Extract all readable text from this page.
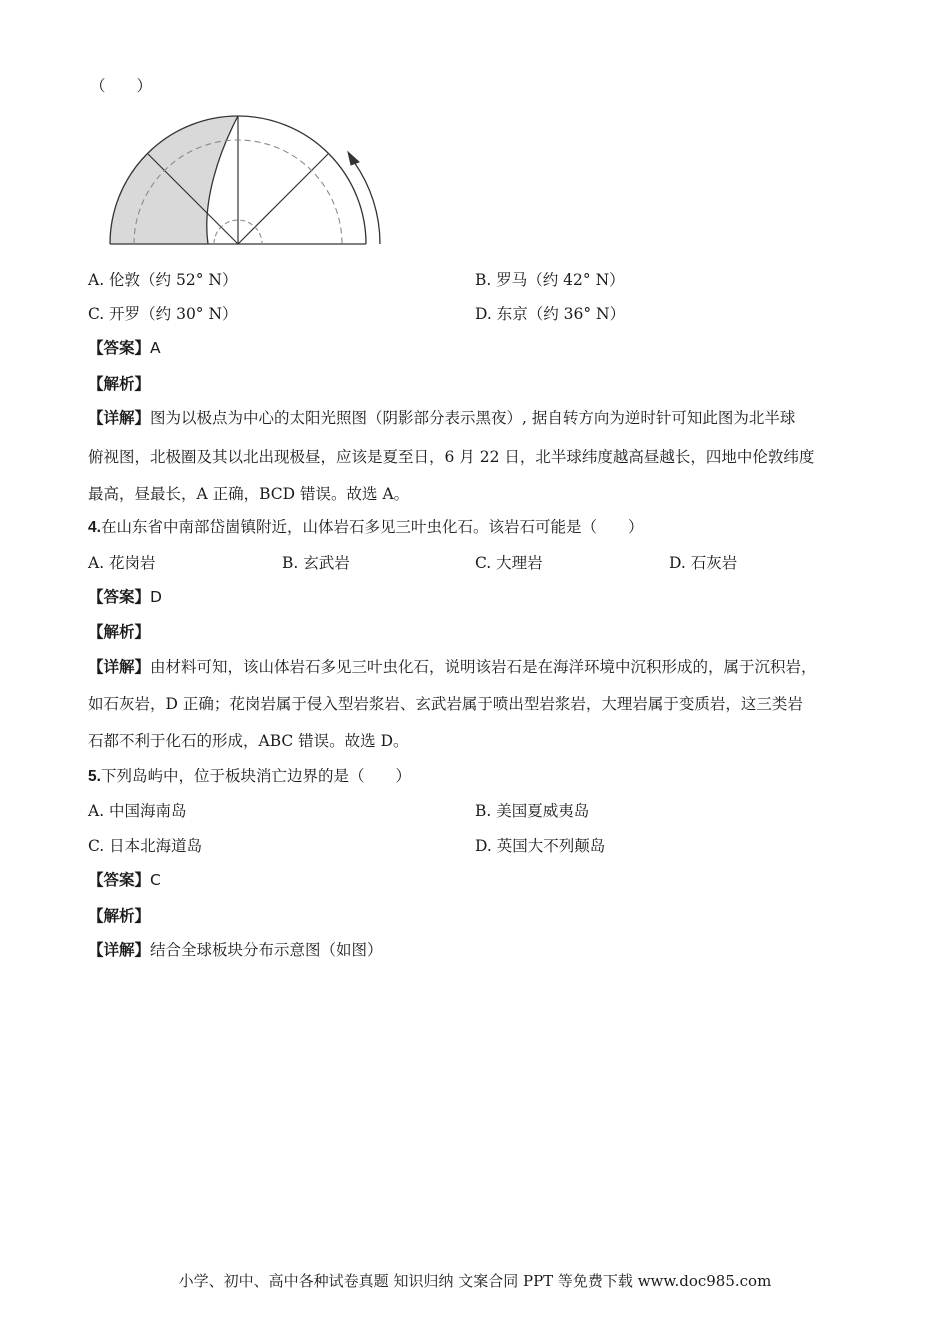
（　　）
A. 伦敦（约 52° N）	B. 罗马（约 42° N）
C. 开罗（约 30° N）	D. 东京（约 36° N）
【答案】A
【解析】
【详解】图为以极点为中心的太阳光照图（阴影部分表示黑夜）, 据自转方向为逆时针可知此图为北半球
俯视图，北极圈及其以北出现极昼，应该是夏至日，6 月 22 日，北半球纬度越高昼越长，四地中伦敦纬度
最高，昼最长，A 正确，BCD 错误。故选 A。
4.在山东省中南部岱崮镇附近，山体岩石多见三叶虫化石。该岩石可能是（　　）
A. 花岗岩	B. 玄武岩	C. 大理岩	D. 石灰岩
【答案】D
【解析】
【详解】由材料可知，该山体岩石多见三叶虫化石，说明该岩石是在海洋环境中沉积形成的，属于沉积岩，
如石灰岩，D 正确；花岗岩属于侵入型岩浆岩、玄武岩属于喷出型岩浆岩，大理岩属于变质岩，这三类岩
石都不利于化石的形成，ABC 错误。故选 D。
5.下列岛屿中，位于板块消亡边界的是（　　）
A. 中国海南岛	B. 美国夏威夷岛
C. 日本北海道岛	D. 英国大不列颠岛
【答案】C
【解析】
【详解】结合全球板块分布示意图（如图）
小学、初中、高中各种试卷真题 知识归纳 文案合同 PPT 等免费下载 www.doc985.com
